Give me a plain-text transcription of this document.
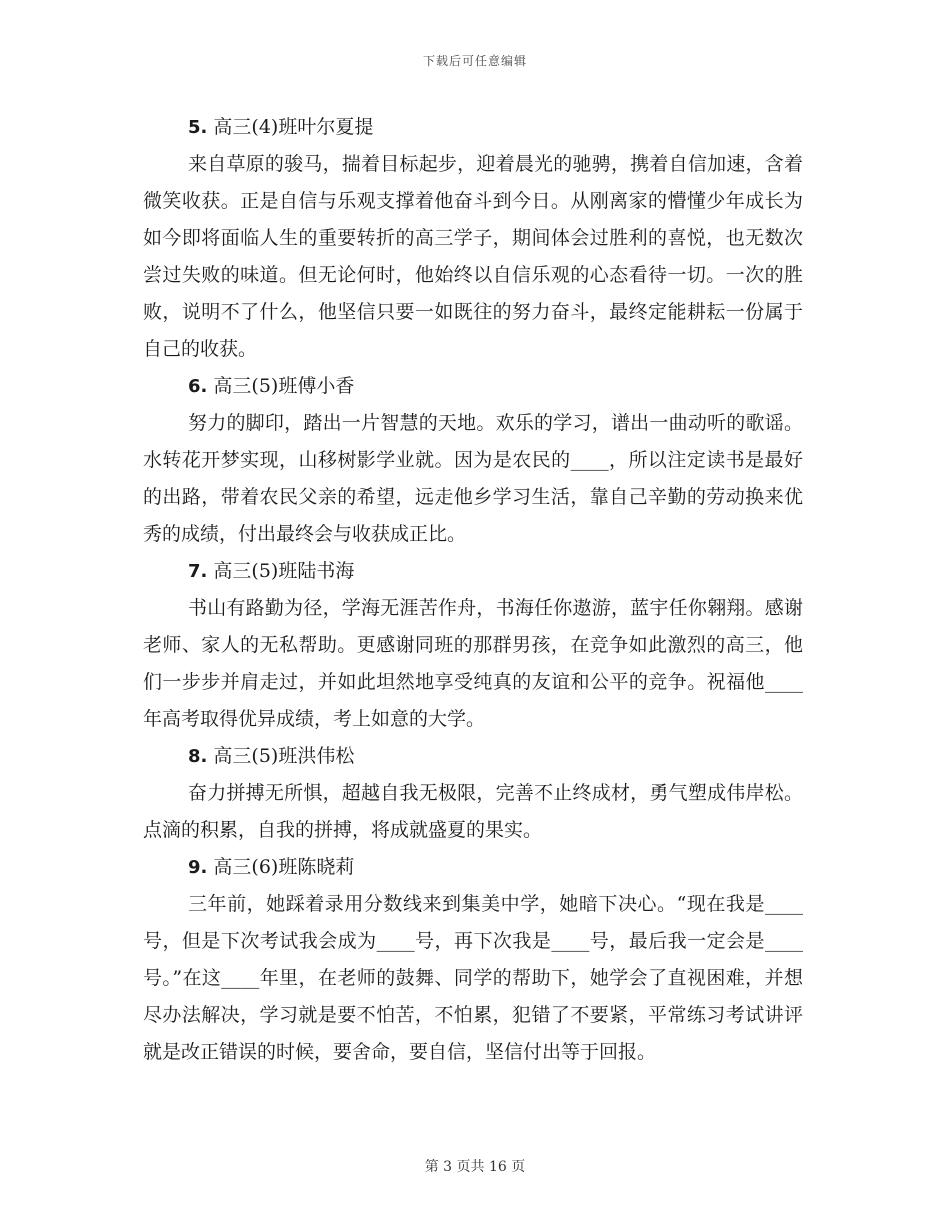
下载后可任意编辑

5. 高三(4)班叶尔夏提

来自草原的骏马，揣着目标起步，迎着晨光的驰骋，携着自信加速，含着微笑收获。正是自信与乐观支撑着他奋斗到今日。从刚离家的懵懂少年成长为如今即将面临人生的重要转折的高三学子，期间体会过胜利的喜悦，也无数次尝过失败的味道。但无论何时，他始终以自信乐观的心态看待一切。一次的胜败，说明不了什么，他坚信只要一如既往的努力奋斗，最终定能耕耘一份属于自己的收获。

6. 高三(5)班傅小香

努力的脚印，踏出一片智慧的天地。欢乐的学习，谱出一曲动听的歌谣。水转花开梦实现，山移树影学业就。因为是农民的____，所以注定读书是最好的出路，带着农民父亲的希望，远走他乡学习生活，靠自己辛勤的劳动换来优秀的成绩，付出最终会与收获成正比。

7. 高三(5)班陆书海

书山有路勤为径，学海无涯苦作舟，书海任你遨游，蓝宇任你翱翔。感谢老师、家人的无私帮助。更感谢同班的那群男孩，在竞争如此激烈的高三，他们一步步并肩走过，并如此坦然地享受纯真的友谊和公平的竞争。祝福他____年高考取得优异成绩，考上如意的大学。

8. 高三(5)班洪伟松

奋力拼搏无所惧，超越自我无极限，完善不止终成材，勇气塑成伟岸松。点滴的积累，自我的拼搏，将成就盛夏的果实。

9. 高三(6)班陈晓莉

三年前，她踩着录用分数线来到集美中学，她暗下决心。“现在我是____号，但是下次考试我会成为____号，再下次我是____号，最后我一定会是____号。”在这____年里，在老师的鼓舞、同学的帮助下，她学会了直视困难，并想尽办法解决，学习就是要不怕苦，不怕累，犯错了不要紧，平常练习考试讲评就是改正错误的时候，要舍命，要自信，坚信付出等于回报。

第 3 页共 16 页
